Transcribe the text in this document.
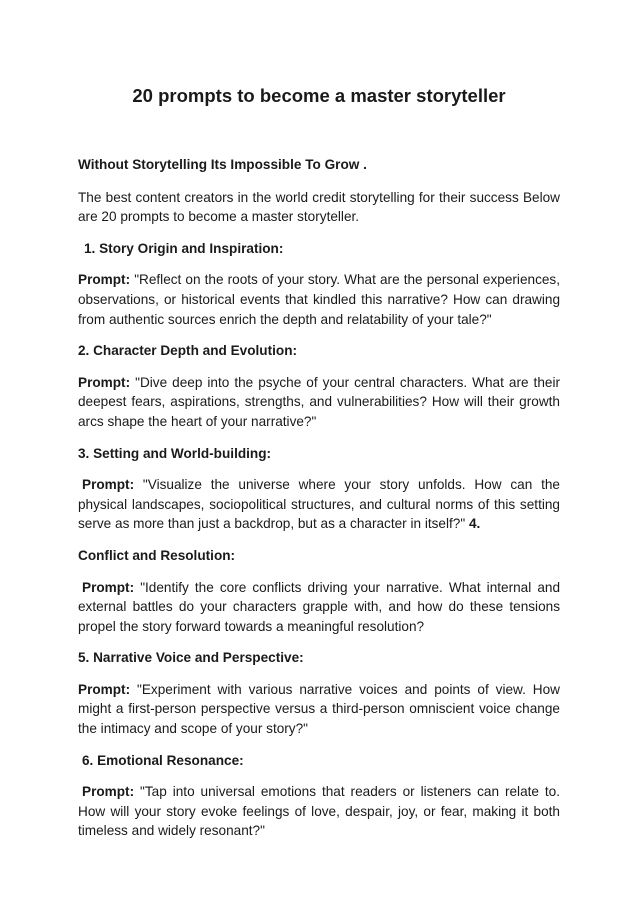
20 prompts to become a master storyteller
Without Storytelling Its Impossible To Grow .
The best content creators in the world credit storytelling for their success Below are 20 prompts to become a master storyteller.
1. Story Origin and Inspiration:
Prompt: "Reflect on the roots of your story. What are the personal experiences, observations, or historical events that kindled this narrative? How can drawing from authentic sources enrich the depth and relatability of your tale?"
2. Character Depth and Evolution:
Prompt: "Dive deep into the psyche of your central characters. What are their deepest fears, aspirations, strengths, and vulnerabilities? How will their growth arcs shape the heart of your narrative?"
3. Setting and World-building:
Prompt: "Visualize the universe where your story unfolds. How can the physical landscapes, sociopolitical structures, and cultural norms of this setting serve as more than just a backdrop, but as a character in itself?" 4.
Conflict and Resolution:
Prompt: "Identify the core conflicts driving your narrative. What internal and external battles do your characters grapple with, and how do these tensions propel the story forward towards a meaningful resolution?
5. Narrative Voice and Perspective:
Prompt: "Experiment with various narrative voices and points of view. How might a first-person perspective versus a third-person omniscient voice change the intimacy and scope of your story?"
6. Emotional Resonance:
Prompt: "Tap into universal emotions that readers or listeners can relate to. How will your story evoke feelings of love, despair, joy, or fear, making it both timeless and widely resonant?"
